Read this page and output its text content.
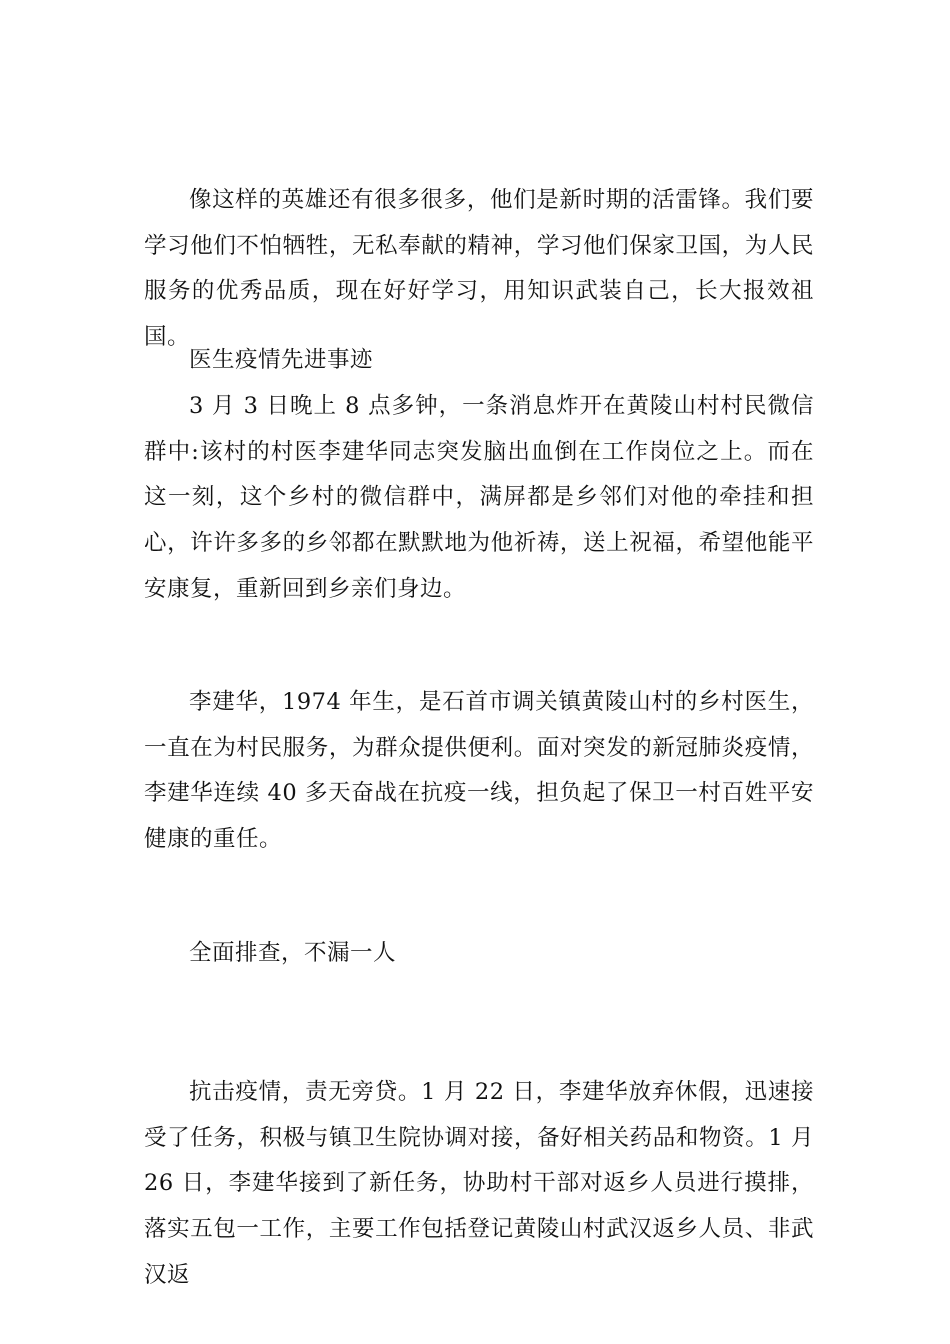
像这样的英雄还有很多很多，他们是新时期的活雷锋。我们要学习他们不怕牺牲，无私奉献的精神，学习他们保家卫国，为人民服务的优秀品质，现在好好学习，用知识武装自己，长大报效祖国。

医生疫情先进事迹

3 月 3 日晚上 8 点多钟，一条消息炸开在黄陵山村村民微信群中:该村的村医李建华同志突发脑出血倒在工作岗位之上。而在这一刻，这个乡村的微信群中，满屏都是乡邻们对他的牵挂和担心，许许多多的乡邻都在默默地为他祈祷，送上祝福，希望他能平安康复，重新回到乡亲们身边。

李建华，1974 年生，是石首市调关镇黄陵山村的乡村医生，一直在为村民服务，为群众提供便利。面对突发的新冠肺炎疫情，李建华连续 40 多天奋战在抗疫一线，担负起了保卫一村百姓平安健康的重任。

全面排查，不漏一人

抗击疫情，责无旁贷。1 月 22 日，李建华放弃休假，迅速接受了任务，积极与镇卫生院协调对接，备好相关药品和物资。1 月 26 日，李建华接到了新任务，协助村干部对返乡人员进行摸排，落实五包一工作，主要工作包括登记黄陵山村武汉返乡人员、非武汉返
